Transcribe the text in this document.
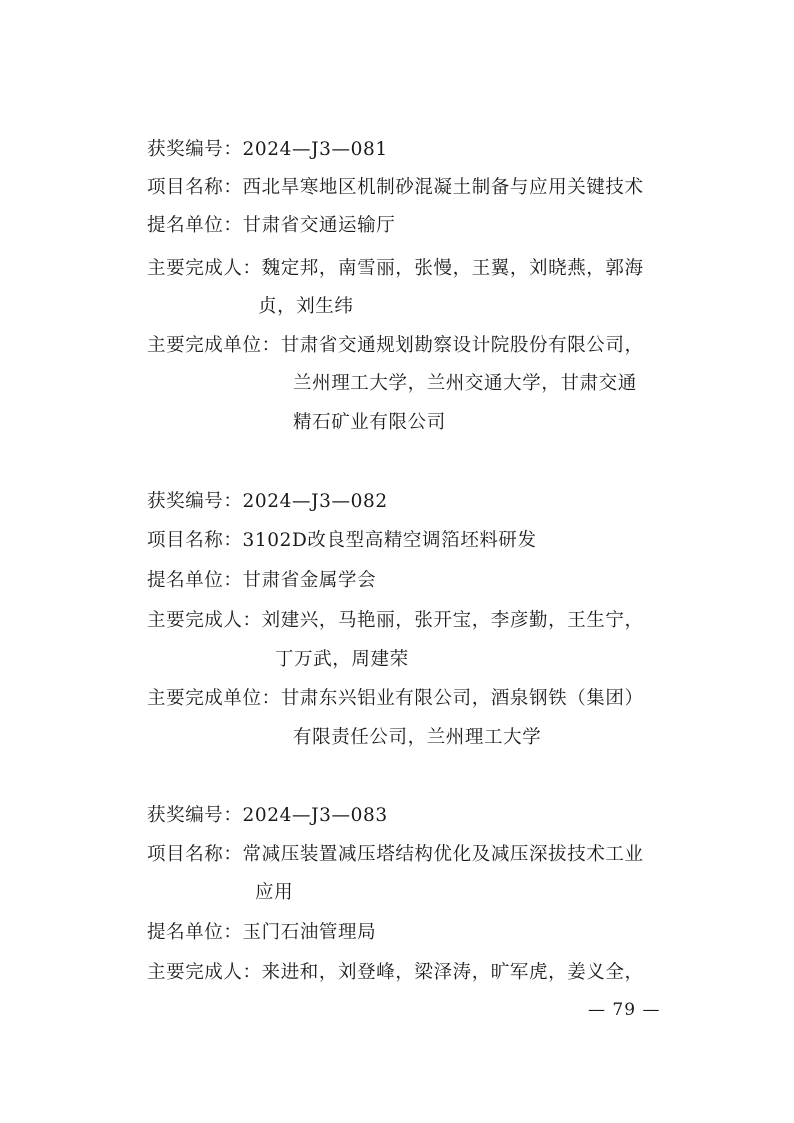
获奖编号：2024—J3—081
项目名称：西北旱寒地区机制砂混凝土制备与应用关键技术
提名单位：甘肃省交通运输厅
主要完成人：魏定邦，南雪丽，张慢，王翼，刘晓燕，郭海
贞，刘生纬
主要完成单位：甘肃省交通规划勘察设计院股份有限公司，
兰州理工大学，兰州交通大学，甘肃交通
精石矿业有限公司
获奖编号：2024—J3—082
项目名称：3102D改良型高精空调箔坯料研发
提名单位：甘肃省金属学会
主要完成人：刘建兴，马艳丽，张开宝，李彦勤，王生宁，
丁万武，周建荣
主要完成单位：甘肃东兴铝业有限公司，酒泉钢铁（集团）
有限责任公司，兰州理工大学
获奖编号：2024—J3—083
项目名称：常减压装置减压塔结构优化及减压深拔技术工业
应用
提名单位：玉门石油管理局
主要完成人：来进和，刘登峰，梁泽涛，旷军虎，姜义全，
— 79 —
